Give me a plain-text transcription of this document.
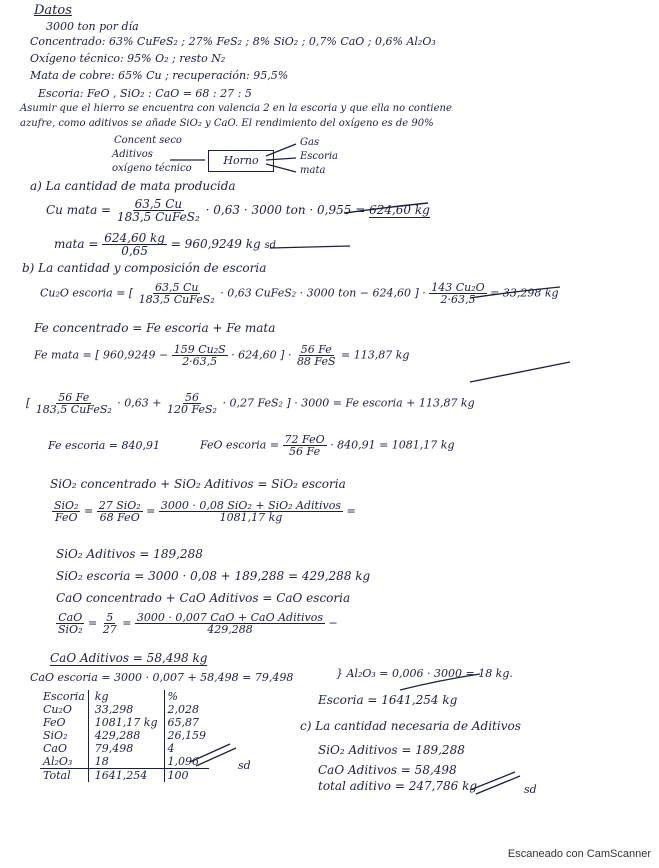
Datos
3000 ton por día
Concentrado: 63% CuFeS₂ ; 27% FeS₂ ; 8% SiO₂ ; 0,7% CaO ; 0,6% Al₂O₃
Oxígeno técnico: 95% O₂ ; resto N₂
Mata de cobre: 65% Cu ; recuperación: 95,5%
Escoria: FeO , SiO₂ : CaO = 68 : 27 : 5
Asumir que el hierro se encuentra con valencia 2 en la escoria y que ella no contiene
azufre, como aditivos se añade SiO₂ y CaO. El rendimiento del oxígeno es de 90%
Concent seco
Aditivos
oxígeno técnico
Horno
Gas
Escoria
mata
a) La cantidad de mata producida
Cu mata = $\frac{63,5 Cu}{\text{183,5 CuFeS₂}} \cdot 0,63 \cdot 3000$ ton · 0,955 = 624,60 kg
mata = $\frac{624,60 kg}{0,65} = 960,9249$ kg sd
b) La cantidad y composición de escoria
Cu₂O escoria = [ $\frac{63,5 Cu}{\text{183,5 CuFeS₂}} \cdot 0,63$ CuFeS₂ · 3000 ton − 624,60 ] · $\frac{\text{143 Cu₂O}}{2\cdot 63,5} = 33,298$ kg
Fe concentrado = Fe escoria + Fe mata
Fe mata = [ $960,9249 - \frac{\text{159 Cu₂S}}{2\cdot 63,5} \cdot 624,60$ ] · $\frac{56 Fe}{\text{88 FeS}} = 113,87$ kg
[ $\frac{56 Fe}{\text{183,5 CuFeS₂}} \cdot 0,63 + \frac{56}{\text{120 FeS₂}} \cdot 0,27$ FeS₂ ] · 3000 = Fe escoria + 113,87 kg
Fe escoria = 840,91	FeO escoria = $\frac{\text{72 FeO}}{56 Fe} \cdot 840,91 = 1081,17$ kg
SiO₂ concentrado + SiO₂ Aditivos = SiO₂ escoria
$\frac{\text{SiO₂}}{\text{FeO}} = \frac{\text{27 SiO₂}}{\text{68 FeO}} = \frac{\text{3000 · 0,08 SiO₂ + SiO₂ Aditivos}}{1081,17 kg}$ =
SiO₂ Aditivos = 189,288
SiO₂ escoria = 3000 · 0,08 + 189,288 = 429,288 kg
CaO concentrado + CaO Aditivos = CaO escoria
$\frac{\text{CaO}}{\text{SiO₂}} = \frac{5}{27} = \frac{\text{3000 · 0,007 CaO + CaO Aditivos}}{429,288}$ −
CaO Aditivos = 58,498 kg
CaO escoria = 3000 · 0,007 + 58,498 = 79,498	} Al₂O₃ = 0,006 · 3000 = 18 kg.
Escoria	kg	%
Cu₂O	33,298	2,028
FeO	1081,17 kg	65,87
SiO₂	429,288	26,159
CaO	79,498	4
Al₂O₃	18	1,096
Total	1641,254	100
sd
Escoria = 1641,254 kg
c) La cantidad necesaria de Aditivos
SiO₂ Aditivos = 189,288
CaO Aditivos = 58,498
total aditivo = 247,786 kg	sd
Escaneado con CamScanner
